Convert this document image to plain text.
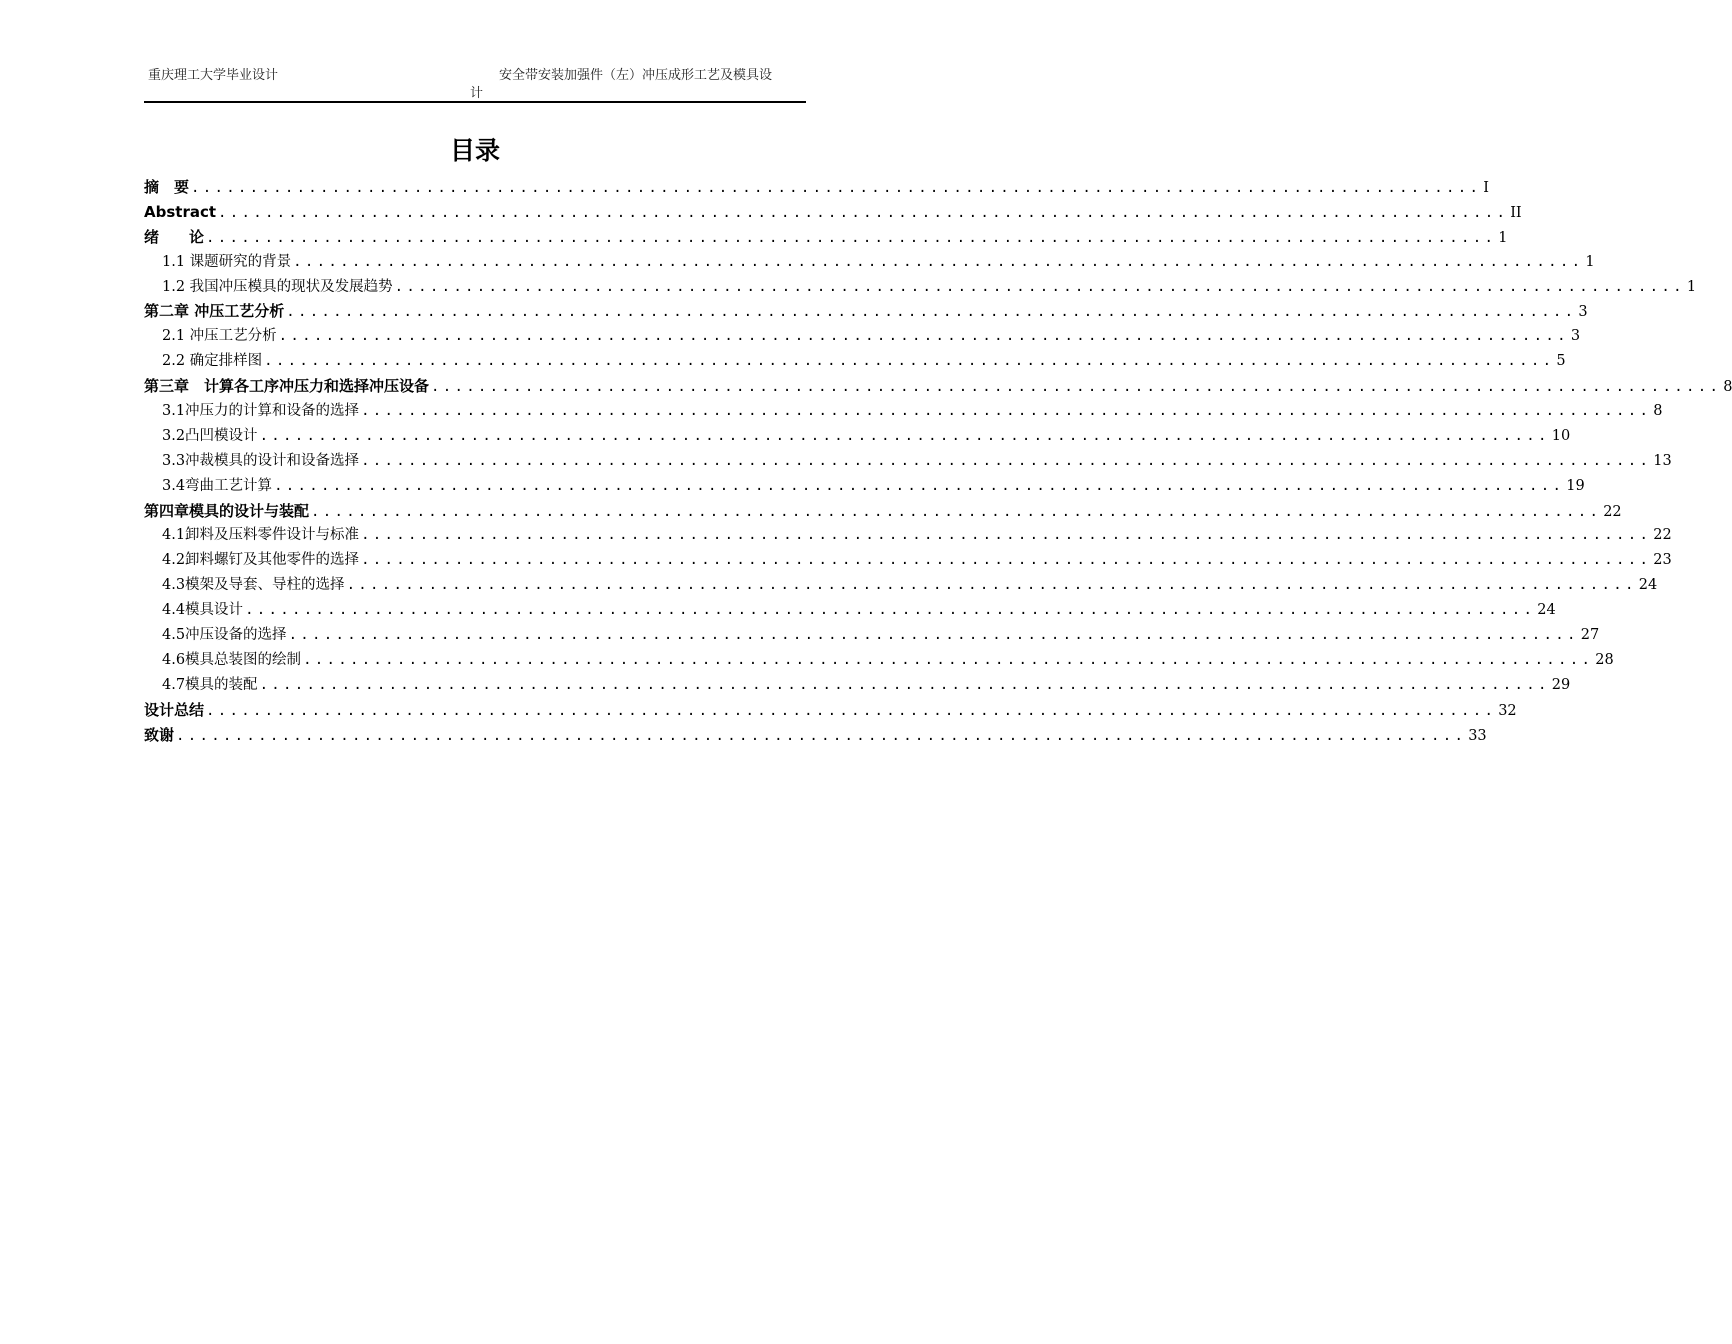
重庆理工大学毕业设计	安全带安装加强件（左）冲压成形工艺及模具设
计
目录
摘　要 .............................................................................................................. I
Abstract .............................................................................................................. II
绪　　论 .............................................................................................................. 1
1.1 课题研究的背景 .............................................................................................................. 1
1.2 我国冲压模具的现状及发展趋势 .............................................................................................................. 1
第二章 冲压工艺分析 .............................................................................................................. 3
2.1 冲压工艺分析 .............................................................................................................. 3
2.2 确定排样图 .............................................................................................................. 5
第三章　计算各工序冲压力和选择冲压设备 .............................................................................................................. 8
3.1冲压力的计算和设备的选择 .............................................................................................................. 8
3.2凸凹模设计 .............................................................................................................. 10
3.3冲裁模具的设计和设备选择 .............................................................................................................. 13
3.4弯曲工艺计算 .............................................................................................................. 19
第四章模具的设计与装配 .............................................................................................................. 22
4.1卸料及压料零件设计与标准 .............................................................................................................. 22
4.2卸料螺钉及其他零件的选择 .............................................................................................................. 23
4.3模架及导套、导柱的选择 .............................................................................................................. 24
4.4模具设计 .............................................................................................................. 24
4.5冲压设备的选择 .............................................................................................................. 27
4.6模具总装图的绘制 .............................................................................................................. 28
4.7模具的装配 .............................................................................................................. 29
设计总结 .............................................................................................................. 32
致谢 .............................................................................................................. 33
